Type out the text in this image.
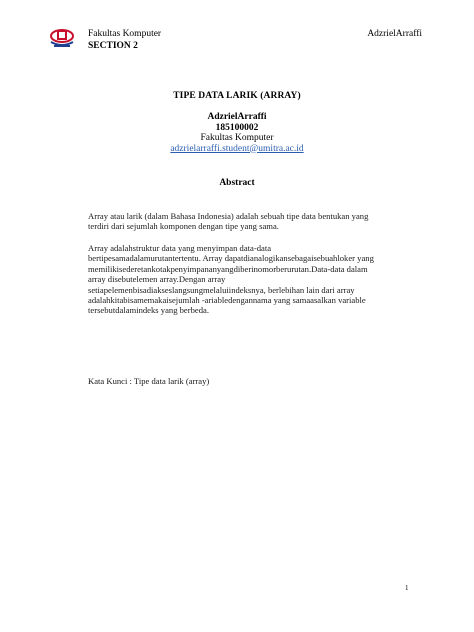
Fakultas Komputer
SECTION 2
AdzrielArraffi
TIPE DATA LARIK (ARRAY)
AdzrielArraffi
185100002
Fakultas Komputer
adzrielarraffi.student@umitra.ac.id
Abstract
Array atau larik (dalam Bahasa Indonesia) adalah sebuah tipe data bentukan yang
terdiri dari sejumlah komponen dengan tipe yang sama.
Array adalahstruktur data yang menyimpan data-data
bertipesamadalamurutantertentu. Array dapatdianalogikansebagaisebuahloker yang
memilikisederetankotakpenyimpananyangdiberinomorberurutan.Data-data dalam
array disebutelemen array.Dengan array
setiapelemenbisadiakseslangsungmelaluiindeksnya, berlebihan lain dari array
adalahkitabisamemakaisejumlah -ariabledengannama yang samaasalkan variable
tersebutdalamindeks yang berbeda.
Kata Kunci : Tipe data larik (array)
1
